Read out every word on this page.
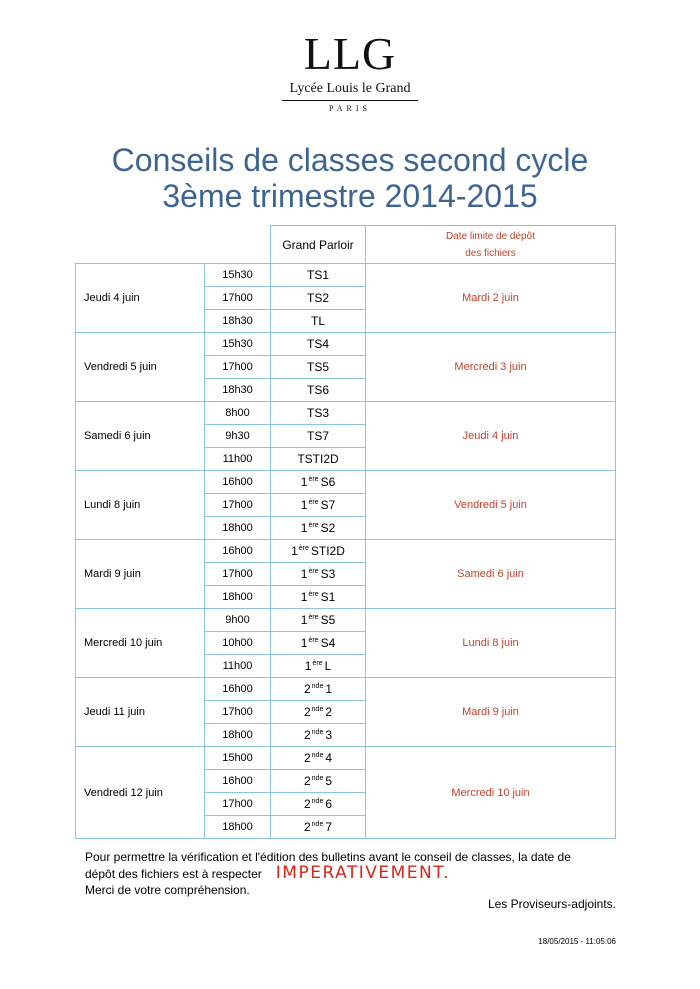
LLG
Lycée Louis le Grand
PARIS
Conseils de classes second cycle
3ème trimestre 2014-2015
		Grand Parloir	Date limite de dépôt
des fichiers

Jeudi 4 juin	15h30	TS1	Mardi 2 juin
	17h00	TS2	
	18h30	TL	
Vendredi 5 juin	15h30	TS4	Mercredi 3 juin
	17h00	TS5	
	18h30	TS6	
Samedi 6 juin	8h00	TS3	Jeudi 4 juin
	9h30	TS7	
	11h00	TSTI2D	
Lundi 8 juin	16h00	1ère S6	Vendredi 5 juin
	17h00	1ère S7	
	18h00	1ère S2	
Mardi 9 juin	16h00	1ère STI2D	Samedi 6 juin
	17h00	1ère S3	
	18h00	1ère S1	
Mercredi 10 juin	9h00	1ère S5	Lundi 8 juin
	10h00	1ère S4	
	11h00	1ère L	
Jeudi 11 juin	16h00	2nde 1	Mardi 9 juin
	17h00	2nde 2	
	18h00	2nde 3	
Vendredi 12 juin	15h00	2nde 4	Mercredi 10 juin
	16h00	2nde 5	
	17h00	2nde 6	
	18h00	2nde 7	
Pour permettre la vérification et l'édition des bulletins avant le conseil de classes, la date de
dépôt des fichiers est à respecter IMPERATIVEMENT.
Merci de votre compréhension.
Les Proviseurs-adjoints.
18/05/2015 - 11:05:06
